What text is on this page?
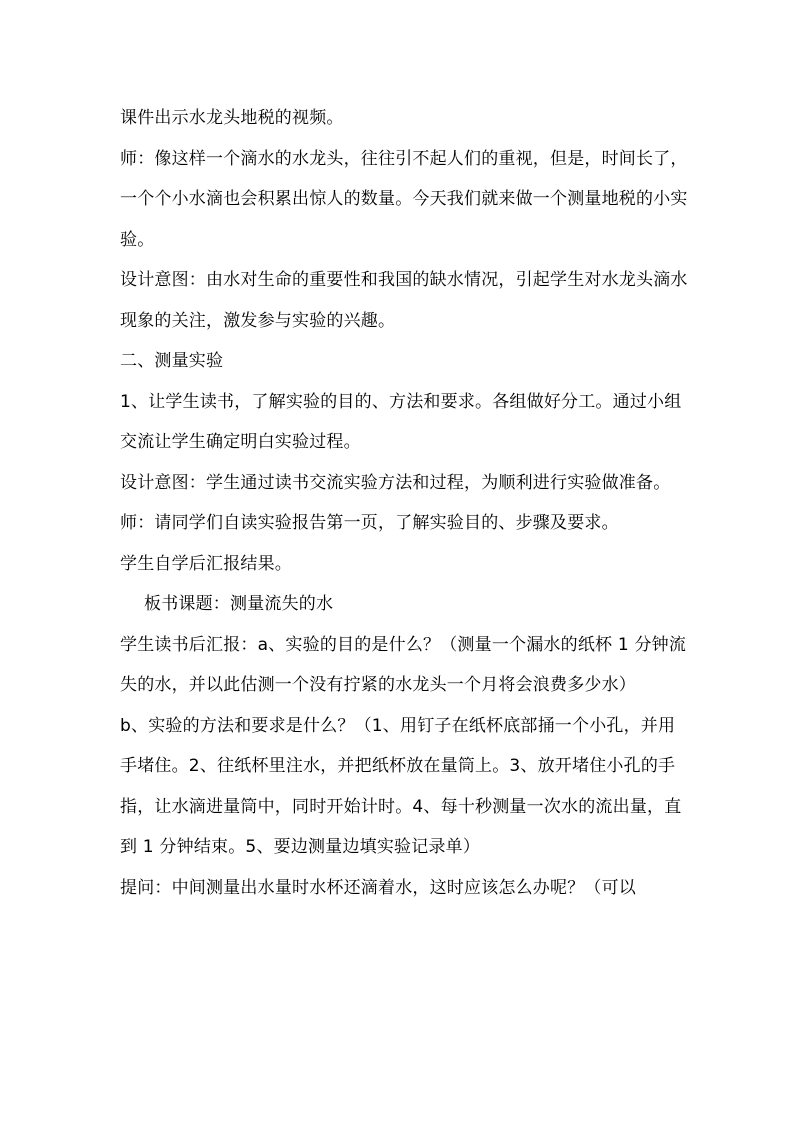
课件出示水龙头地税的视频。

师：像这样一个滴水的水龙头，往往引不起人们的重视，但是，时间长了，一个个小水滴也会积累出惊人的数量。今天我们就来做一个测量地税的小实验。

设计意图：由水对生命的重要性和我国的缺水情况，引起学生对水龙头滴水现象的关注，激发参与实验的兴趣。

二、测量实验

1、让学生读书，了解实验的目的、方法和要求。各组做好分工。通过小组交流让学生确定明白实验过程。

设计意图：学生通过读书交流实验方法和过程，为顺利进行实验做准备。

师：请同学们自读实验报告第一页，了解实验目的、步骤及要求。

学生自学后汇报结果。

板书课题：测量流失的水

学生读书后汇报：a、实验的目的是什么？（测量一个漏水的纸杯 1 分钟流失的水，并以此估测一个没有拧紧的水龙头一个月将会浪费多少水）

b、实验的方法和要求是什么？（1、用钉子在纸杯底部捅一个小孔，并用手堵住。2、往纸杯里注水，并把纸杯放在量筒上。3、放开堵住小孔的手指，让水滴进量筒中，同时开始计时。4、每十秒测量一次水的流出量，直到 1 分钟结束。5、要边测量边填实验记录单）

提问：中间测量出水量时水杯还滴着水，这时应该怎么办呢？（可以
